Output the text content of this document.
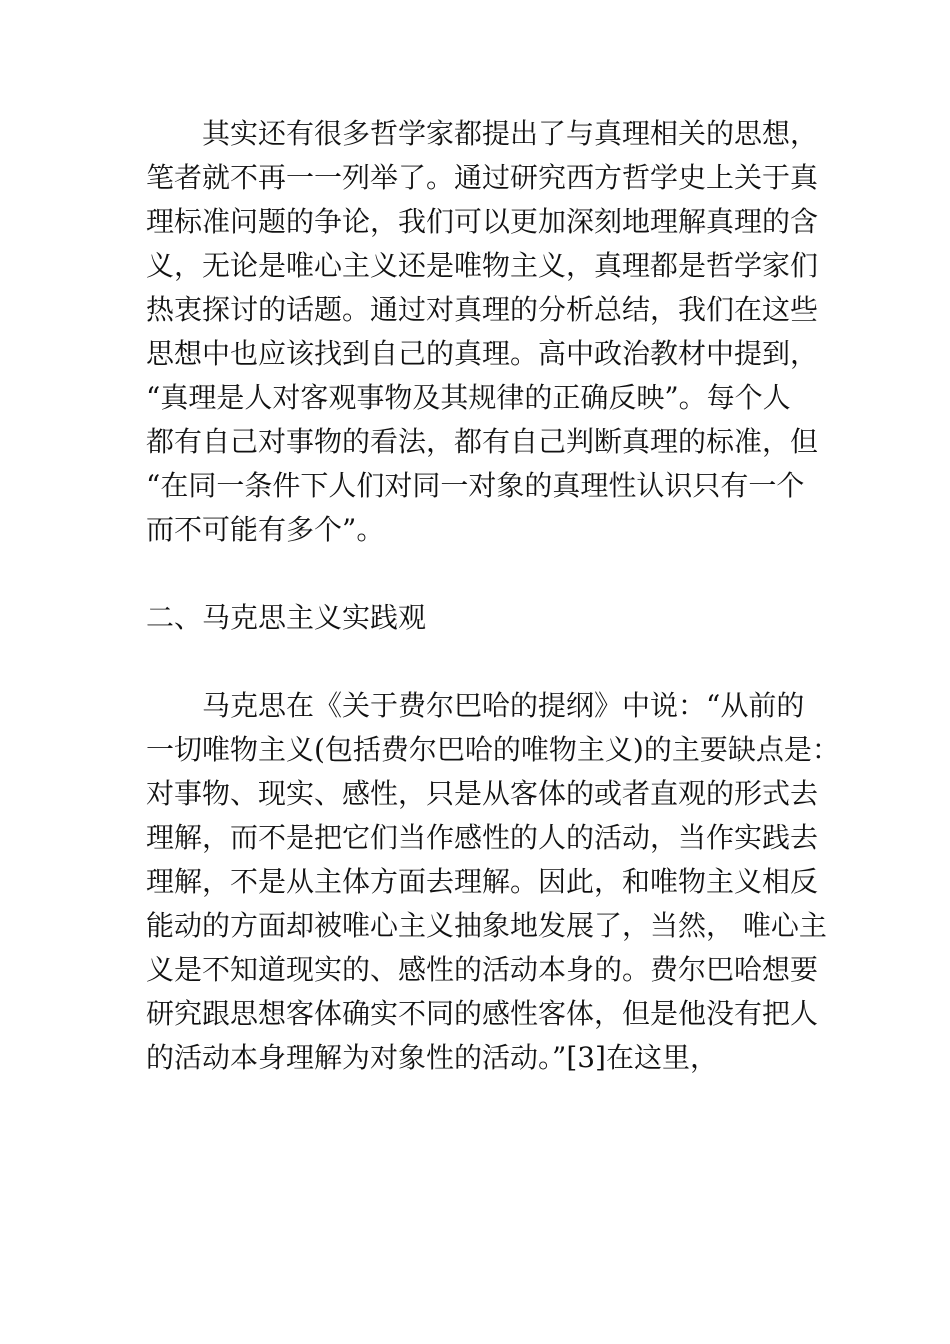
其实还有很多哲学家都提出了与真理相关的思想，
笔者就不再一一列举了。通过研究西方哲学史上关于真
理标准问题的争论，我们可以更加深刻地理解真理的含
义，无论是唯心主义还是唯物主义，真理都是哲学家们
热衷探讨的话题。通过对真理的分析总结，我们在这些
思想中也应该找到自己的真理。高中政治教材中提到，
“真理是人对客观事物及其规律的正确反映”。每个人
都有自己对事物的看法，都有自己判断真理的标准，但
“在同一条件下人们对同一对象的真理性认识只有一个
而不可能有多个”。
二、马克思主义实践观
马克思在《关于费尔巴哈的提纲》中说：“从前的
一切唯物主义(包括费尔巴哈的唯物主义)的主要缺点是：
对事物、现实、感性，只是从客体的或者直观的形式去
理解，而不是把它们当作感性的人的活动，当作实践去
理解，不是从主体方面去理解。因此，和唯物主义相反
能动的方面却被唯心主义抽象地发展了，当然， 唯心主
义是不知道现实的、感性的活动本身的。费尔巴哈想要
研究跟思想客体确实不同的感性客体，但是他没有把人
的活动本身理解为对象性的活动。”[3]在这里，
